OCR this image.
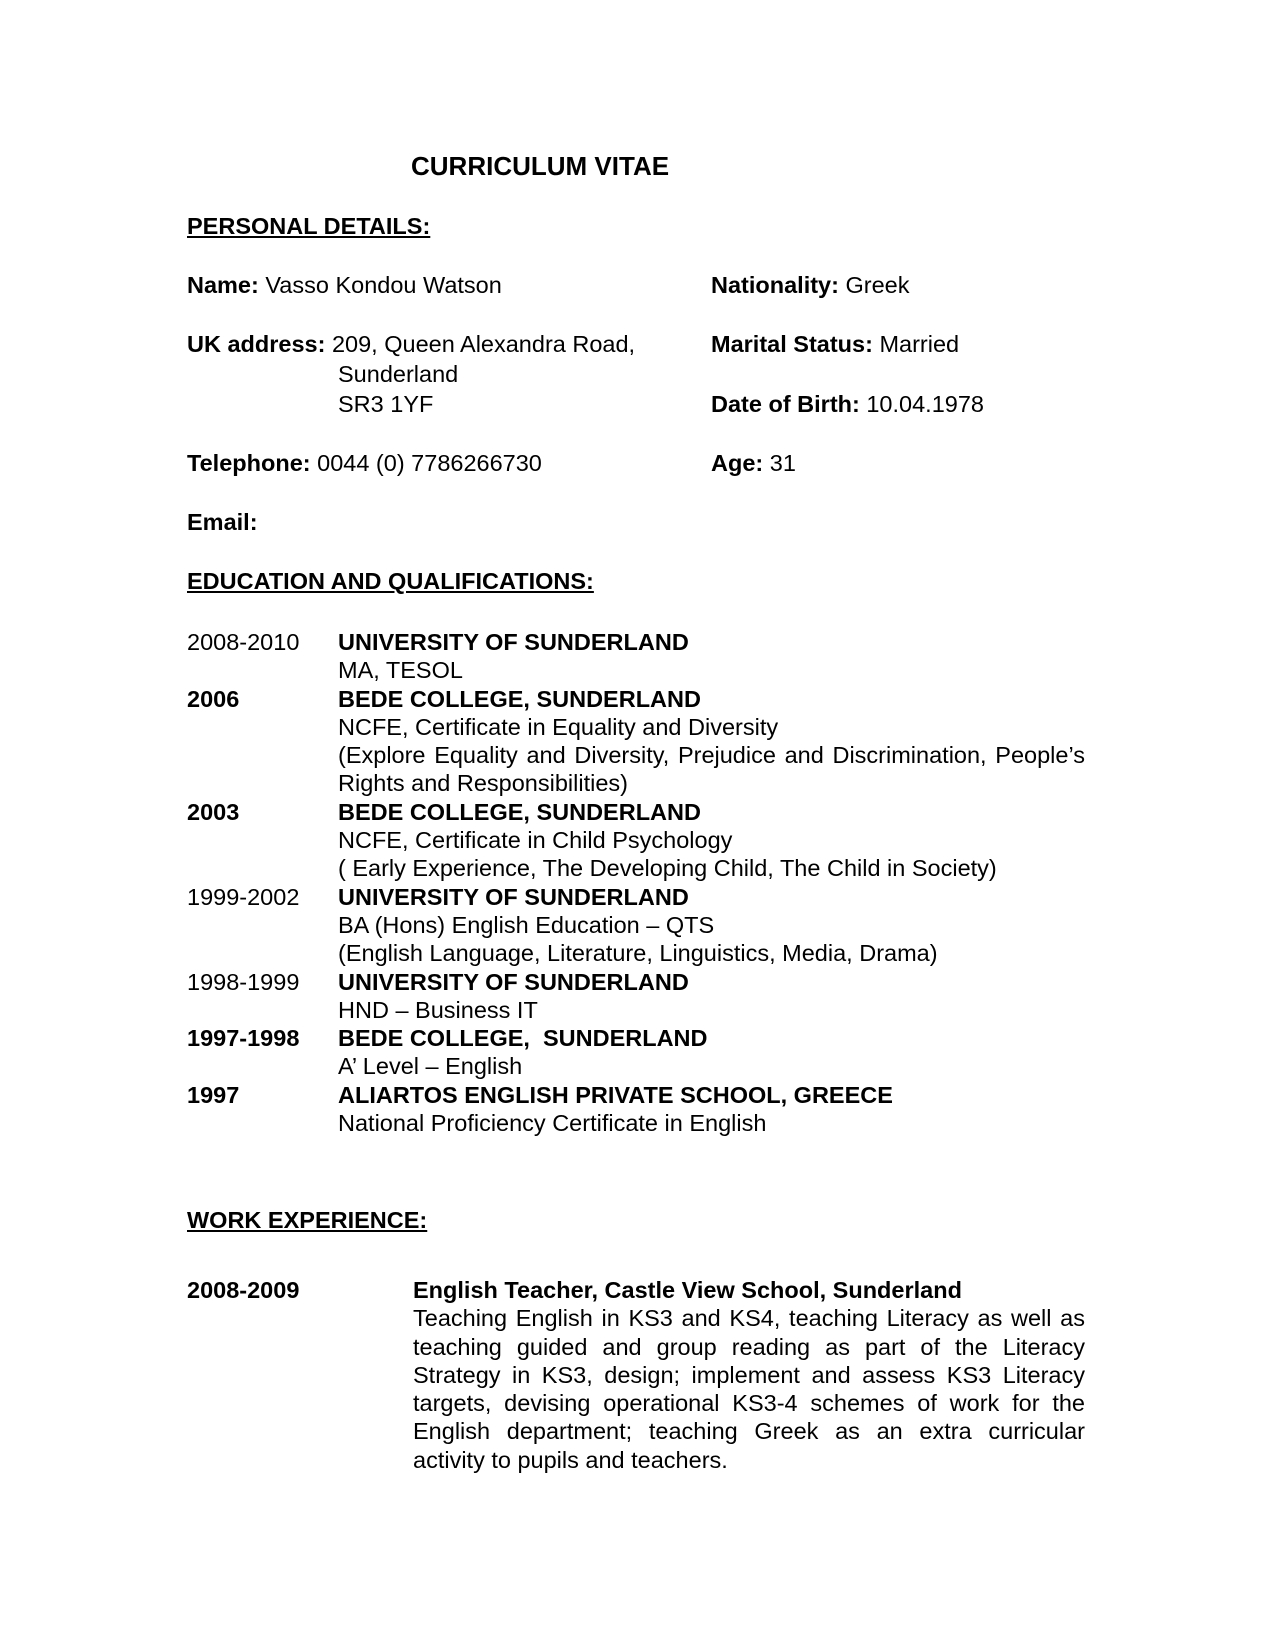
CURRICULUM VITAE
PERSONAL DETAILS:
Name: Vasso Kondou Watson	Nationality: Greek
UK address: 209, Queen Alexandra Road,
Sunderland
SR3 1YF
Marital Status: Married
Date of Birth: 10.04.1978
Telephone: 0044 (0) 7786266730	Age: 31
Email:
EDUCATION AND QUALIFICATIONS:
2008-2010	UNIVERSITY OF SUNDERLAND
MA, TESOL
2006	BEDE COLLEGE, SUNDERLAND
NCFE, Certificate in Equality and Diversity
(Explore Equality and Diversity, Prejudice and Discrimination, People’s Rights and Responsibilities)
2003	BEDE COLLEGE, SUNDERLAND
NCFE, Certificate in Child Psychology
( Early Experience, The Developing Child, The Child in Society)
1999-2002	UNIVERSITY OF SUNDERLAND
BA (Hons) English Education – QTS
(English Language, Literature, Linguistics, Media, Drama)
1998-1999	UNIVERSITY OF SUNDERLAND
HND – Business IT
1997-1998	BEDE COLLEGE,  SUNDERLAND
A’ Level – English
1997	ALIARTOS ENGLISH PRIVATE SCHOOL, GREECE
National Proficiency Certificate in English
WORK EXPERIENCE:
2008-2009	English Teacher, Castle View School, Sunderland
Teaching English in KS3 and KS4, teaching Literacy as well as teaching guided and group reading as part of the Literacy Strategy in KS3, design; implement and assess KS3 Literacy targets, devising operational KS3-4 schemes of work for the English department; teaching Greek as an extra curricular activity to pupils and teachers.
